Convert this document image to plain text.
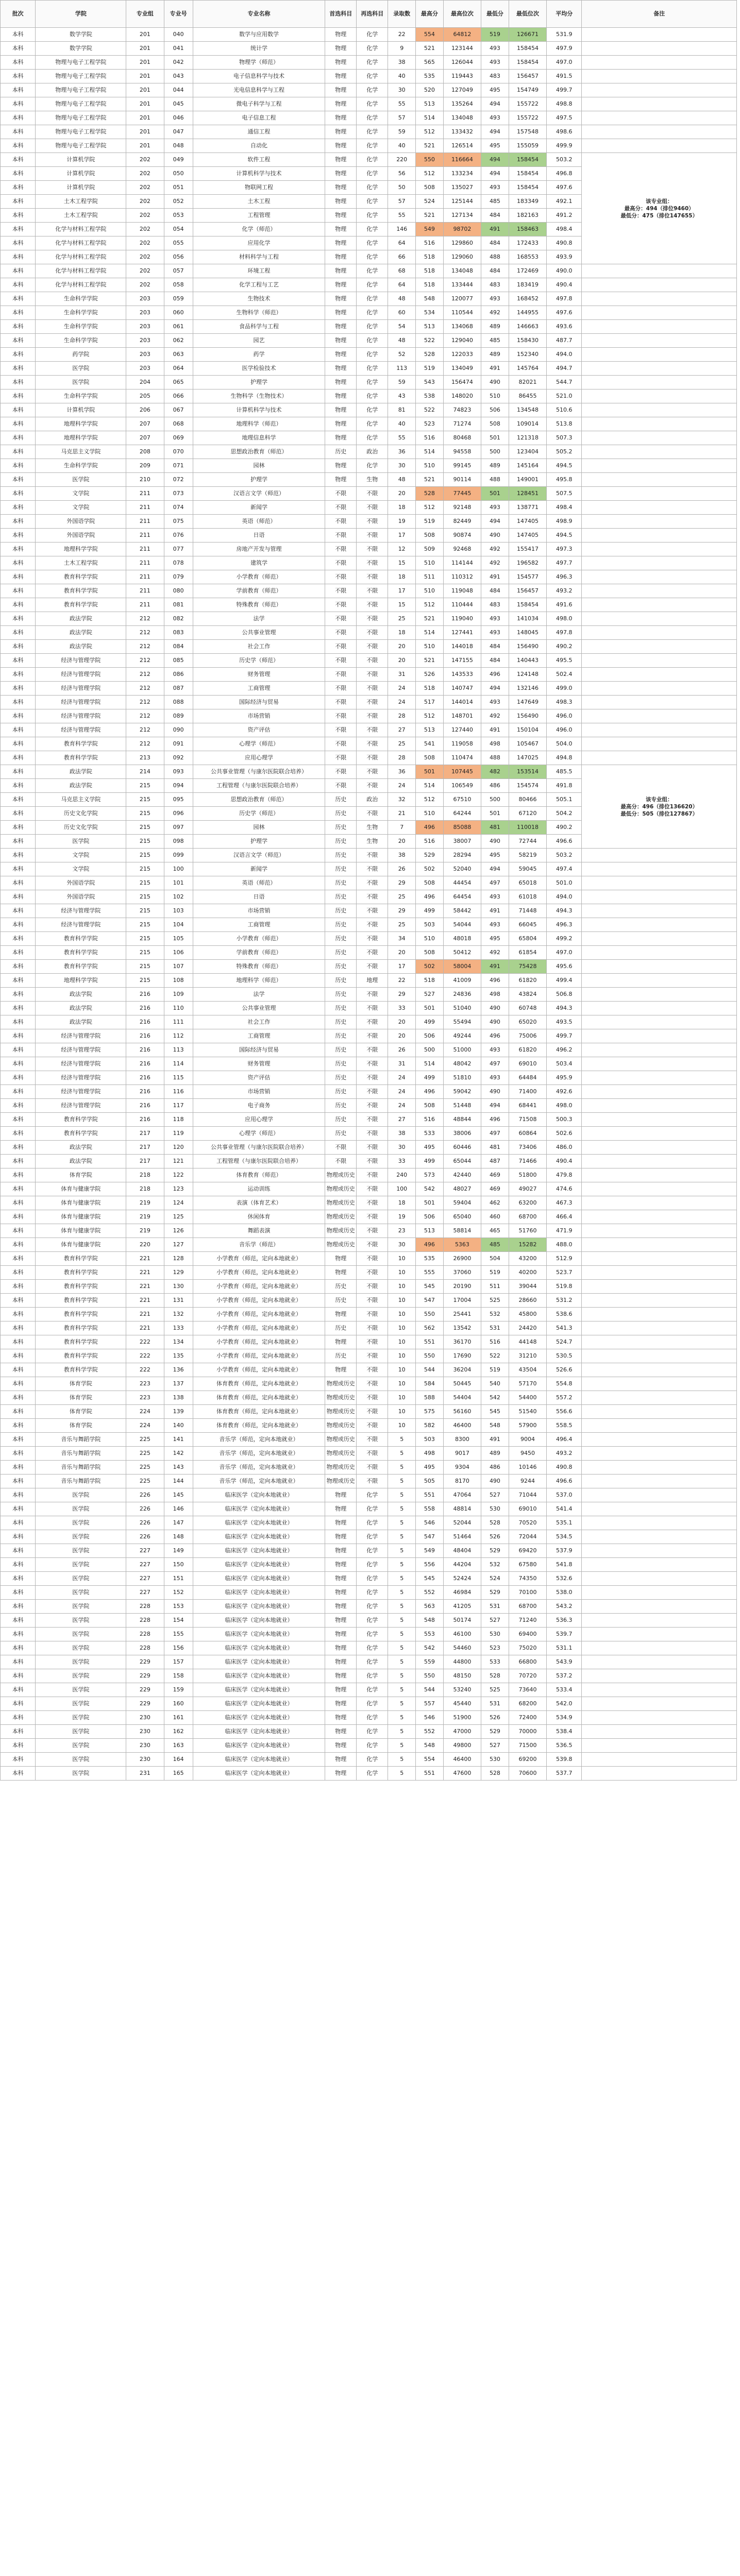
批次	学院	专业组	专业号	专业名称	首选科目	再选科目	录取数	最高分	最高位次	最低分	最低位次	平均分	备注
本科	数学学院	201	040	数学与应用数学	物理	化学	22	554	64812	519	126671	531.9	
本科	数学学院	201	041	统计学	物理	化学	9	521	123144	493	158454	497.9	
本科	物理与电子工程学院	201	042	物理学（师范）	物理	化学	38	565	126044	493	158454	497.0	
本科	物理与电子工程学院	201	043	电子信息科学与技术	物理	化学	40	535	119443	483	156457	491.5	
本科	物理与电子工程学院	201	044	光电信息科学与工程	物理	化学	30	520	127049	495	154749	499.7	
本科	物理与电子工程学院	201	045	微电子科学与工程	物理	化学	55	513	135264	494	155722	498.8	
本科	物理与电子工程学院	201	046	电子信息工程	物理	化学	57	514	134048	493	155722	497.5	
本科	物理与电子工程学院	201	047	通信工程	物理	化学	59	512	133432	494	157548	498.6	
本科	物理与电子工程学院	201	048	自动化	物理	化学	40	521	126514	495	155059	499.9	
本科	计算机学院	202	049	软件工程	物理	化学	220	550	116664	494	158454	503.2	该专业组：
最高分：494（排位9460）
最低分：475（排位147655）

本科	计算机学院	202	050	计算机科学与技术	物理	化学	56	512	133234	494	158454	496.8	
本科	计算机学院	202	051	物联网工程	物理	化学	50	508	135027	493	158454	497.6	
本科	土木工程学院	202	052	土木工程	物理	化学	57	524	125144	485	183349	492.1	
本科	土木工程学院	202	053	工程管理	物理	化学	55	521	127134	484	182163	491.2	
本科	化学与材料工程学院	202	054	化学（师范）	物理	化学	146	549	98702	491	158463	498.4	
本科	化学与材料工程学院	202	055	应用化学	物理	化学	64	516	129860	484	172433	490.8	
本科	化学与材料工程学院	202	056	材料科学与工程	物理	化学	66	518	129060	488	168553	493.9	
本科	化学与材料工程学院	202	057	环境工程	物理	化学	68	518	134048	484	172469	490.0	
本科	化学与材料工程学院	202	058	化学工程与工艺	物理	化学	64	518	133444	483	183419	490.4	
本科	生命科学学院	203	059	生物技术	物理	化学	48	548	120077	493	168452	497.8	
本科	生命科学学院	203	060	生物科学（师范）	物理	化学	60	534	110544	492	144955	497.6	
本科	生命科学学院	203	061	食品科学与工程	物理	化学	54	513	134068	489	146663	493.6	
本科	生命科学学院	203	062	园艺	物理	化学	48	522	129040	485	158430	487.7	
本科	药学院	203	063	药学	物理	化学	52	528	122033	489	152340	494.0	
本科	医学院	203	064	医学检验技术	物理	化学	113	519	134049	491	145764	494.7	
本科	医学院	204	065	护理学	物理	化学	59	543	156474	490	82021	544.7	
本科	生命科学学院	205	066	生物科学（生物技术）	物理	化学	43	538	148020	510	86455	521.0	
本科	计算机学院	206	067	计算机科学与技术	物理	化学	81	522	74823	506	134548	510.6	
本科	地理科学学院	207	068	地理科学（师范）	物理	化学	40	523	71274	508	109014	513.8	
本科	地理科学学院	207	069	地理信息科学	物理	化学	55	516	80468	501	121318	507.3	
本科	马克思主义学院	208	070	思想政治教育（师范）	历史	政治	36	514	94558	500	123404	505.2	
本科	生命科学学院	209	071	园林	物理	化学	30	510	99145	489	145164	494.5	
本科	医学院	210	072	护理学	物理	生物	48	521	90114	488	149001	495.8	
本科	文学院	211	073	汉语言文学（师范）	不限	不限	20	528	77445	501	128451	507.5	
本科	文学院	211	074	新闻学	不限	不限	18	512	92148	493	138771	498.4	
本科	外国语学院	211	075	英语（师范）	不限	不限	19	519	82449	494	147405	498.9	
本科	外国语学院	211	076	日语	不限	不限	17	508	90874	490	147405	494.5	
本科	地理科学学院	211	077	房地产开发与管理	不限	不限	12	509	92468	492	155417	497.3	
本科	土木工程学院	211	078	建筑学	不限	不限	15	510	114144	492	196582	497.7	
本科	教育科学学院	211	079	小学教育（师范）	不限	不限	18	511	110312	491	154577	496.3	
本科	教育科学学院	211	080	学前教育（师范）	不限	不限	17	510	119048	484	156457	493.2	
本科	教育科学学院	211	081	特殊教育（师范）	不限	不限	15	512	110444	483	158454	491.6	
本科	政法学院	212	082	法学	不限	不限	25	521	119040	493	141034	498.0	
本科	政法学院	212	083	公共事业管理	不限	不限	18	514	127441	493	148045	497.8	
本科	政法学院	212	084	社会工作	不限	不限	20	510	144018	484	156490	490.2	
本科	经济与管理学院	212	085	历史学（师范）	不限	不限	20	521	147155	484	140443	495.5	
本科	经济与管理学院	212	086	财务管理	不限	不限	31	526	143533	496	124148	502.4	
本科	经济与管理学院	212	087	工商管理	不限	不限	24	518	140747	494	132146	499.0	
本科	经济与管理学院	212	088	国际经济与贸易	不限	不限	24	517	144014	493	147649	498.3	
本科	经济与管理学院	212	089	市场营销	不限	不限	28	512	148701	492	156490	496.0	
本科	经济与管理学院	212	090	资产评估	不限	不限	27	513	127440	491	150104	496.0	
本科	教育科学学院	212	091	心理学（师范）	不限	不限	25	541	119058	498	105467	504.0	
本科	教育科学学院	213	092	应用心理学	不限	不限	28	508	110474	488	147025	494.8	
本科	政法学院	214	093	公共事业管理（与康尔医院联合培养）	不限	不限	36	501	107445	482	153514	485.5	该专业组：
最高分：496（排位136620）
最低分：505（排位127867）

本科	政法学院	215	094	工程管理（与康尔医院联合培养）	不限	不限	24	514	106549	486	154574	491.8	
本科	马克思主义学院	215	095	思想政治教育（师范）	历史	政治	32	512	67510	500	80466	505.1	
本科	历史文化学院	215	096	历史学（师范）	历史	不限	21	510	64244	501	67120	504.2	
本科	历史文化学院	215	097	园林	历史	生物	7	496	85088	481	110018	490.2	
本科	医学院	215	098	护理学	历史	生物	20	516	38007	490	72744	496.6	
本科	文学院	215	099	汉语言文学（师范）	历史	不限	38	529	28294	495	58219	503.2	
本科	文学院	215	100	新闻学	历史	不限	26	502	52040	494	59045	497.4	
本科	外国语学院	215	101	英语（师范）	历史	不限	29	508	44454	497	65018	501.0	
本科	外国语学院	215	102	日语	历史	不限	25	496	64454	493	61018	494.0	
本科	经济与管理学院	215	103	市场营销	历史	不限	29	499	58442	491	71448	494.3	
本科	经济与管理学院	215	104	工商管理	历史	不限	25	503	54044	493	66045	496.3	
本科	教育科学学院	215	105	小学教育（师范）	历史	不限	34	510	48018	495	65804	499.2	
本科	教育科学学院	215	106	学前教育（师范）	历史	不限	20	508	50412	492	61854	497.0	
本科	教育科学学院	215	107	特殊教育（师范）	历史	不限	17	502	58004	491	75428	495.6	
本科	地理科学学院	215	108	地理科学（师范）	历史	地理	22	518	41009	496	61820	499.4	
本科	政法学院	216	109	法学	历史	不限	29	527	24836	498	43824	506.8	
本科	政法学院	216	110	公共事业管理	历史	不限	33	501	51040	490	60748	494.3	
本科	政法学院	216	111	社会工作	历史	不限	20	499	55494	490	65020	493.5	
本科	经济与管理学院	216	112	工商管理	历史	不限	20	506	49244	496	75006	499.7	
本科	经济与管理学院	216	113	国际经济与贸易	历史	不限	26	500	51000	493	61820	496.2	
本科	经济与管理学院	216	114	财务管理	历史	不限	31	514	48042	497	69010	503.4	
本科	经济与管理学院	216	115	资产评估	历史	不限	24	499	51810	493	64484	495.9	
本科	经济与管理学院	216	116	市场营销	历史	不限	24	496	59042	490	71400	492.6	
本科	经济与管理学院	216	117	电子商务	历史	不限	24	508	51448	494	68441	498.0	
本科	教育科学学院	216	118	应用心理学	历史	不限	27	516	48844	496	71508	500.3	
本科	教育科学学院	217	119	心理学（师范）	历史	不限	38	533	38006	497	60864	502.6	
本科	政法学院	217	120	公共事业管理（与康尔医院联合培养）	不限	不限	30	495	60446	481	73406	486.0	
本科	政法学院	217	121	工程管理（与康尔医院联合培养）	不限	不限	33	499	65044	487	71466	490.4	
本科	体育学院	218	122	体育教育（师范）	物理或历史	不限	240	573	42440	469	51800	479.8	
本科	体育与健康学院	218	123	运动训练	物理或历史	不限	100	542	48027	469	49027	474.6	
本科	体育与健康学院	219	124	表演（体育艺术）	物理或历史	不限	18	501	59404	462	63200	467.3	
本科	体育与健康学院	219	125	休闲体育	物理或历史	不限	19	506	65040	460	68700	466.4	
本科	体育与健康学院	219	126	舞蹈表演	物理或历史	不限	23	513	58814	465	51760	471.9	
本科	体育与健康学院	220	127	音乐学（师范）	物理或历史	不限	30	496	5363	485	15282	488.0	
本科	教育科学学院	221	128	小学教育（师范，定向本地就业）	物理	不限	10	535	26900	504	43200	512.9	
本科	教育科学学院	221	129	小学教育（师范，定向本地就业）	物理	不限	10	555	37060	519	40200	523.7	
本科	教育科学学院	221	130	小学教育（师范，定向本地就业）	历史	不限	10	545	20190	511	39044	519.8	
本科	教育科学学院	221	131	小学教育（师范，定向本地就业）	历史	不限	10	547	17004	525	28660	531.2	
本科	教育科学学院	221	132	小学教育（师范，定向本地就业）	物理	不限	10	550	25441	532	45800	538.6	
本科	教育科学学院	221	133	小学教育（师范，定向本地就业）	历史	不限	10	562	13542	531	24420	541.3	
本科	教育科学学院	222	134	小学教育（师范，定向本地就业）	物理	不限	10	551	36170	516	44148	524.7	
本科	教育科学学院	222	135	小学教育（师范，定向本地就业）	历史	不限	10	550	17690	522	31210	530.5	
本科	教育科学学院	222	136	小学教育（师范，定向本地就业）	物理	不限	10	544	36204	519	43504	526.6	
本科	体育学院	223	137	体育教育（师范，定向本地就业）	物理或历史	不限	10	584	50445	540	57170	554.8	
本科	体育学院	223	138	体育教育（师范，定向本地就业）	物理或历史	不限	10	588	54404	542	54400	557.2	
本科	体育学院	224	139	体育教育（师范，定向本地就业）	物理或历史	不限	10	575	56160	545	51540	556.6	
本科	体育学院	224	140	体育教育（师范，定向本地就业）	物理或历史	不限	10	582	46400	548	57900	558.5	
本科	音乐与舞蹈学院	225	141	音乐学（师范，定向本地就业）	物理或历史	不限	5	503	8300	491	9004	496.4	
本科	音乐与舞蹈学院	225	142	音乐学（师范，定向本地就业）	物理或历史	不限	5	498	9017	489	9450	493.2	
本科	音乐与舞蹈学院	225	143	音乐学（师范，定向本地就业）	物理或历史	不限	5	495	9304	486	10146	490.8	
本科	音乐与舞蹈学院	225	144	音乐学（师范，定向本地就业）	物理或历史	不限	5	505	8170	490	9244	496.6	
本科	医学院	226	145	临床医学（定向本地就业）	物理	化学	5	551	47064	527	71044	537.0	
本科	医学院	226	146	临床医学（定向本地就业）	物理	化学	5	558	48814	530	69010	541.4	
本科	医学院	226	147	临床医学（定向本地就业）	物理	化学	5	546	52044	528	70520	535.1	
本科	医学院	226	148	临床医学（定向本地就业）	物理	化学	5	547	51464	526	72044	534.5	
本科	医学院	227	149	临床医学（定向本地就业）	物理	化学	5	549	48404	529	69420	537.9	
本科	医学院	227	150	临床医学（定向本地就业）	物理	化学	5	556	44204	532	67580	541.8	
本科	医学院	227	151	临床医学（定向本地就业）	物理	化学	5	545	52424	524	74350	532.6	
本科	医学院	227	152	临床医学（定向本地就业）	物理	化学	5	552	46984	529	70100	538.0	
本科	医学院	228	153	临床医学（定向本地就业）	物理	化学	5	563	41205	531	68700	543.2	
本科	医学院	228	154	临床医学（定向本地就业）	物理	化学	5	548	50174	527	71240	536.3	
本科	医学院	228	155	临床医学（定向本地就业）	物理	化学	5	553	46100	530	69400	539.7	
本科	医学院	228	156	临床医学（定向本地就业）	物理	化学	5	542	54460	523	75020	531.1	
本科	医学院	229	157	临床医学（定向本地就业）	物理	化学	5	559	44800	533	66800	543.9	
本科	医学院	229	158	临床医学（定向本地就业）	物理	化学	5	550	48150	528	70720	537.2	
本科	医学院	229	159	临床医学（定向本地就业）	物理	化学	5	544	53240	525	73640	533.4	
本科	医学院	229	160	临床医学（定向本地就业）	物理	化学	5	557	45440	531	68200	542.0	
本科	医学院	230	161	临床医学（定向本地就业）	物理	化学	5	546	51900	526	72400	534.9	
本科	医学院	230	162	临床医学（定向本地就业）	物理	化学	5	552	47000	529	70000	538.4	
本科	医学院	230	163	临床医学（定向本地就业）	物理	化学	5	548	49800	527	71500	536.5	
本科	医学院	230	164	临床医学（定向本地就业）	物理	化学	5	554	46400	530	69200	539.8	
本科	医学院	231	165	临床医学（定向本地就业）	物理	化学	5	551	47600	528	70600	537.7	
